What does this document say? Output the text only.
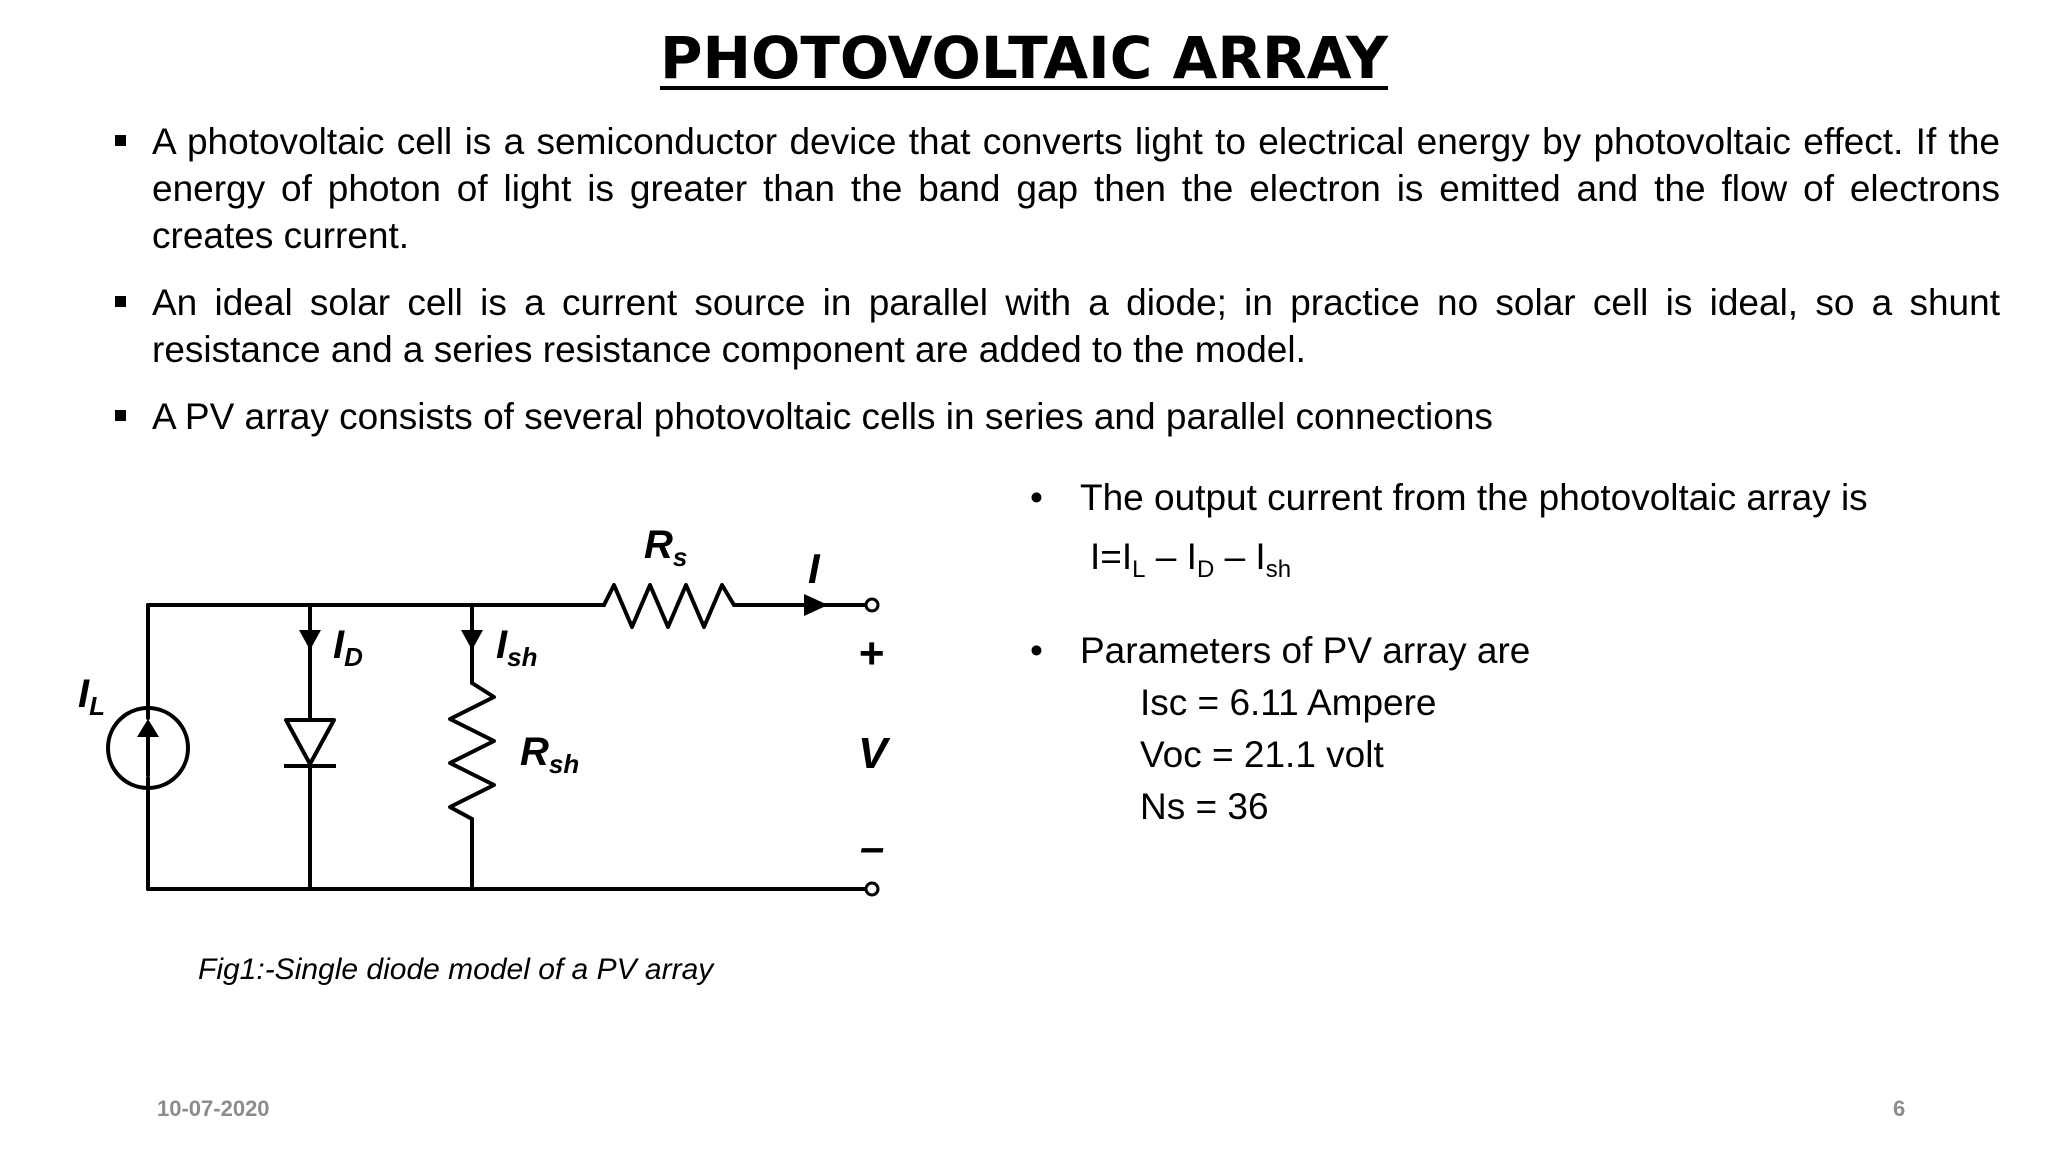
PHOTOVOLTAIC ARRAY
A photovoltaic cell is a semiconductor device that converts light to electrical energy by photovoltaic effect. If the energy of photon of light is greater than the band gap then the electron is emitted and the flow of electrons creates current.
An ideal solar cell is a current source in parallel with a diode; in practice no solar cell is ideal, so a shunt resistance and a series resistance component are added to the model.
A PV array consists of several photovoltaic cells in series and parallel connections
$I_L$
$I_D$	$I_{sh}$
$R_s$
$R_{sh}$
I
+
V
–
• The output current from the photovoltaic array is
$I=I_L - I_D - I_{sh}$
• Parameters of PV array are
Isc = 6.11 Ampere
Voc = 21.1 volt
Ns = 36
Fig1:-Single diode model of a PV array
10-07-2020	6
